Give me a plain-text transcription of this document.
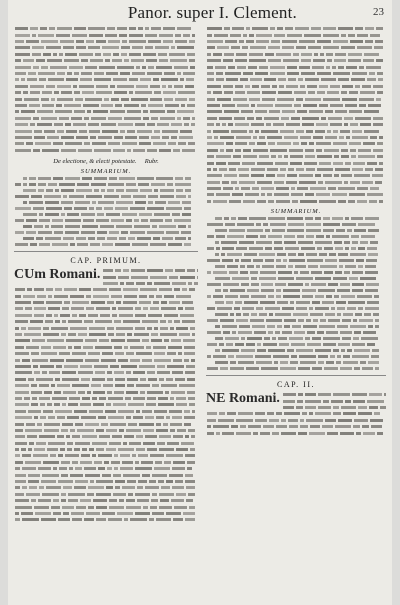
Panor. super I. Clement.	23
De electione, & electi potestate. Rubr.
SUMMARIUM.
CAP. PRIMUM.
CUm Romani.
SUMMARIUM.
CAP. II.
NE Romani.
